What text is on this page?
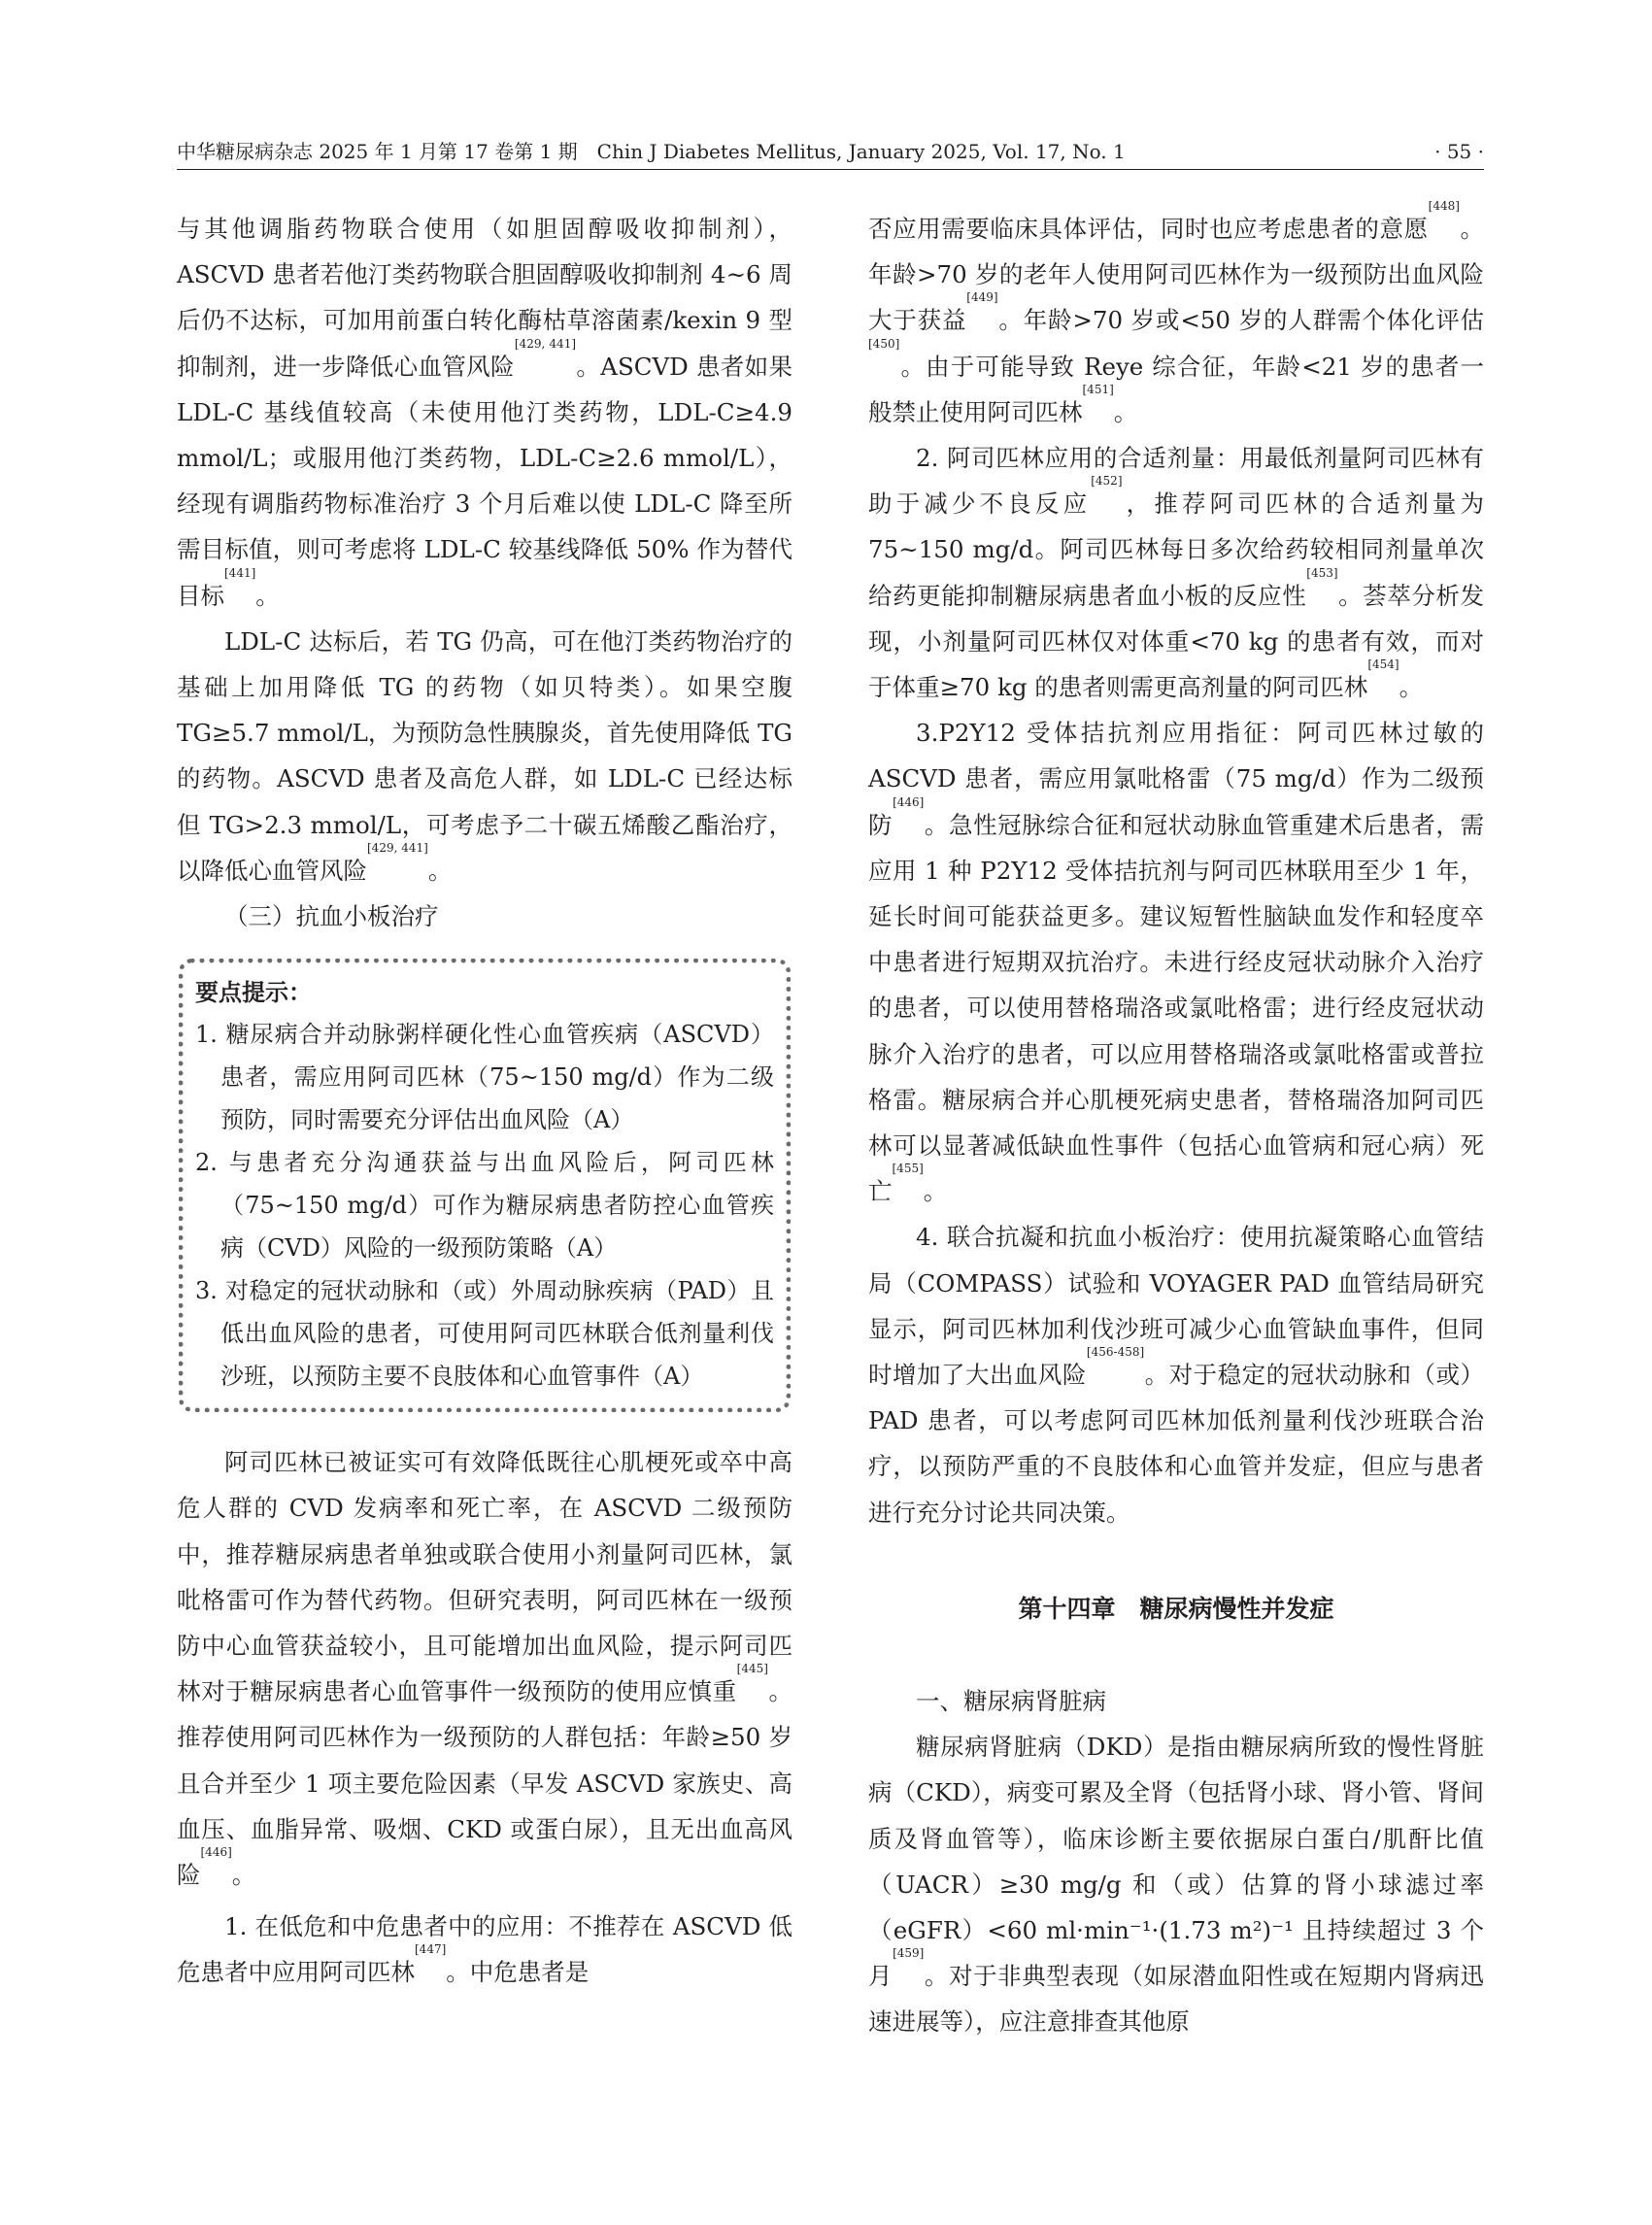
中华糖尿病杂志 2025 年 1 月第 17 卷第 1 期　Chin J Diabetes Mellitus, January 2025, Vol. 17, No. 1	· 55 ·

与其他调脂药物联合使用（如胆固醇吸收抑制剂），ASCVD 患者若他汀类药物联合胆固醇吸收抑制剂 4~6 周后仍不达标，可加用前蛋白转化酶枯草溶菌素/kexin 9 型抑制剂，进一步降低心血管风险[429, 441]。ASCVD 患者如果 LDL-C 基线值较高（未使用他汀类药物，LDL-C≥4.9 mmol/L；或服用他汀类药物，LDL-C≥2.6 mmol/L），经现有调脂药物标准治疗 3 个月后难以使 LDL-C 降至所需目标值，则可考虑将 LDL-C 较基线降低 50% 作为替代目标[441]。

LDL-C 达标后，若 TG 仍高，可在他汀类药物治疗的基础上加用降低 TG 的药物（如贝特类）。如果空腹 TG≥5.7 mmol/L，为预防急性胰腺炎，首先使用降低 TG 的药物。ASCVD 患者及高危人群，如 LDL-C 已经达标但 TG>2.3 mmol/L，可考虑予二十碳五烯酸乙酯治疗，以降低心血管风险[429, 441]。

（三）抗血小板治疗

要点提示：

1. 糖尿病合并动脉粥样硬化性心血管疾病（ASCVD）患者，需应用阿司匹林（75~150 mg/d）作为二级预防，同时需要充分评估出血风险（A）
2. 与患者充分沟通获益与出血风险后，阿司匹林（75~150 mg/d）可作为糖尿病患者防控心血管疾病（CVD）风险的一级预防策略（A）
3. 对稳定的冠状动脉和（或）外周动脉疾病（PAD）且低出血风险的患者，可使用阿司匹林联合低剂量利伐沙班，以预防主要不良肢体和心血管事件（A）

阿司匹林已被证实可有效降低既往心肌梗死或卒中高危人群的 CVD 发病率和死亡率，在 ASCVD 二级预防中，推荐糖尿病患者单独或联合使用小剂量阿司匹林，氯吡格雷可作为替代药物。但研究表明，阿司匹林在一级预防中心血管获益较小，且可能增加出血风险，提示阿司匹林对于糖尿病患者心血管事件一级预防的使用应慎重[445]。推荐使用阿司匹林作为一级预防的人群包括：年龄≥50 岁且合并至少 1 项主要危险因素（早发 ASCVD 家族史、高血压、血脂异常、吸烟、CKD 或蛋白尿），且无出血高风险[446]。

1. 在低危和中危患者中的应用：不推荐在 ASCVD 低危患者中应用阿司匹林[447]。中危患者是

否应用需要临床具体评估，同时也应考虑患者的意愿[448]。年龄>70 岁的老年人使用阿司匹林作为一级预防出血风险大于获益[449]。年龄>70 岁或<50 岁的人群需个体化评估[450]。由于可能导致 Reye 综合征，年龄<21 岁的患者一般禁止使用阿司匹林[451]。

2. 阿司匹林应用的合适剂量：用最低剂量阿司匹林有助于减少不良反应[452]，推荐阿司匹林的合适剂量为 75~150 mg/d。阿司匹林每日多次给药较相同剂量单次给药更能抑制糖尿病患者血小板的反应性[453]。荟萃分析发现，小剂量阿司匹林仅对体重<70 kg 的患者有效，而对于体重≥70 kg 的患者则需更高剂量的阿司匹林[454]。

3.P2Y12 受体拮抗剂应用指征：阿司匹林过敏的 ASCVD 患者，需应用氯吡格雷（75 mg/d）作为二级预防[446]。急性冠脉综合征和冠状动脉血管重建术后患者，需应用 1 种 P2Y12 受体拮抗剂与阿司匹林联用至少 1 年，延长时间可能获益更多。建议短暂性脑缺血发作和轻度卒中患者进行短期双抗治疗。未进行经皮冠状动脉介入治疗的患者，可以使用替格瑞洛或氯吡格雷；进行经皮冠状动脉介入治疗的患者，可以应用替格瑞洛或氯吡格雷或普拉格雷。糖尿病合并心肌梗死病史患者，替格瑞洛加阿司匹林可以显著减低缺血性事件（包括心血管病和冠心病）死亡[455]。

4. 联合抗凝和抗血小板治疗：使用抗凝策略心血管结局（COMPASS）试验和 VOYAGER PAD 血管结局研究显示，阿司匹林加利伐沙班可减少心血管缺血事件，但同时增加了大出血风险[456-458]。对于稳定的冠状动脉和（或）PAD 患者，可以考虑阿司匹林加低剂量利伐沙班联合治疗，以预防严重的不良肢体和心血管并发症，但应与患者进行充分讨论共同决策。

第十四章　糖尿病慢性并发症

一、糖尿病肾脏病

糖尿病肾脏病（DKD）是指由糖尿病所致的慢性肾脏病（CKD），病变可累及全肾（包括肾小球、肾小管、肾间质及肾血管等），临床诊断主要依据尿白蛋白/肌酐比值（UACR）≥30 mg/g 和（或）估算的肾小球滤过率（eGFR）<60 ml·min⁻¹·(1.73 m²)⁻¹ 且持续超过 3 个月[459]。对于非典型表现（如尿潜血阳性或在短期内肾病迅速进展等），应注意排查其他原
